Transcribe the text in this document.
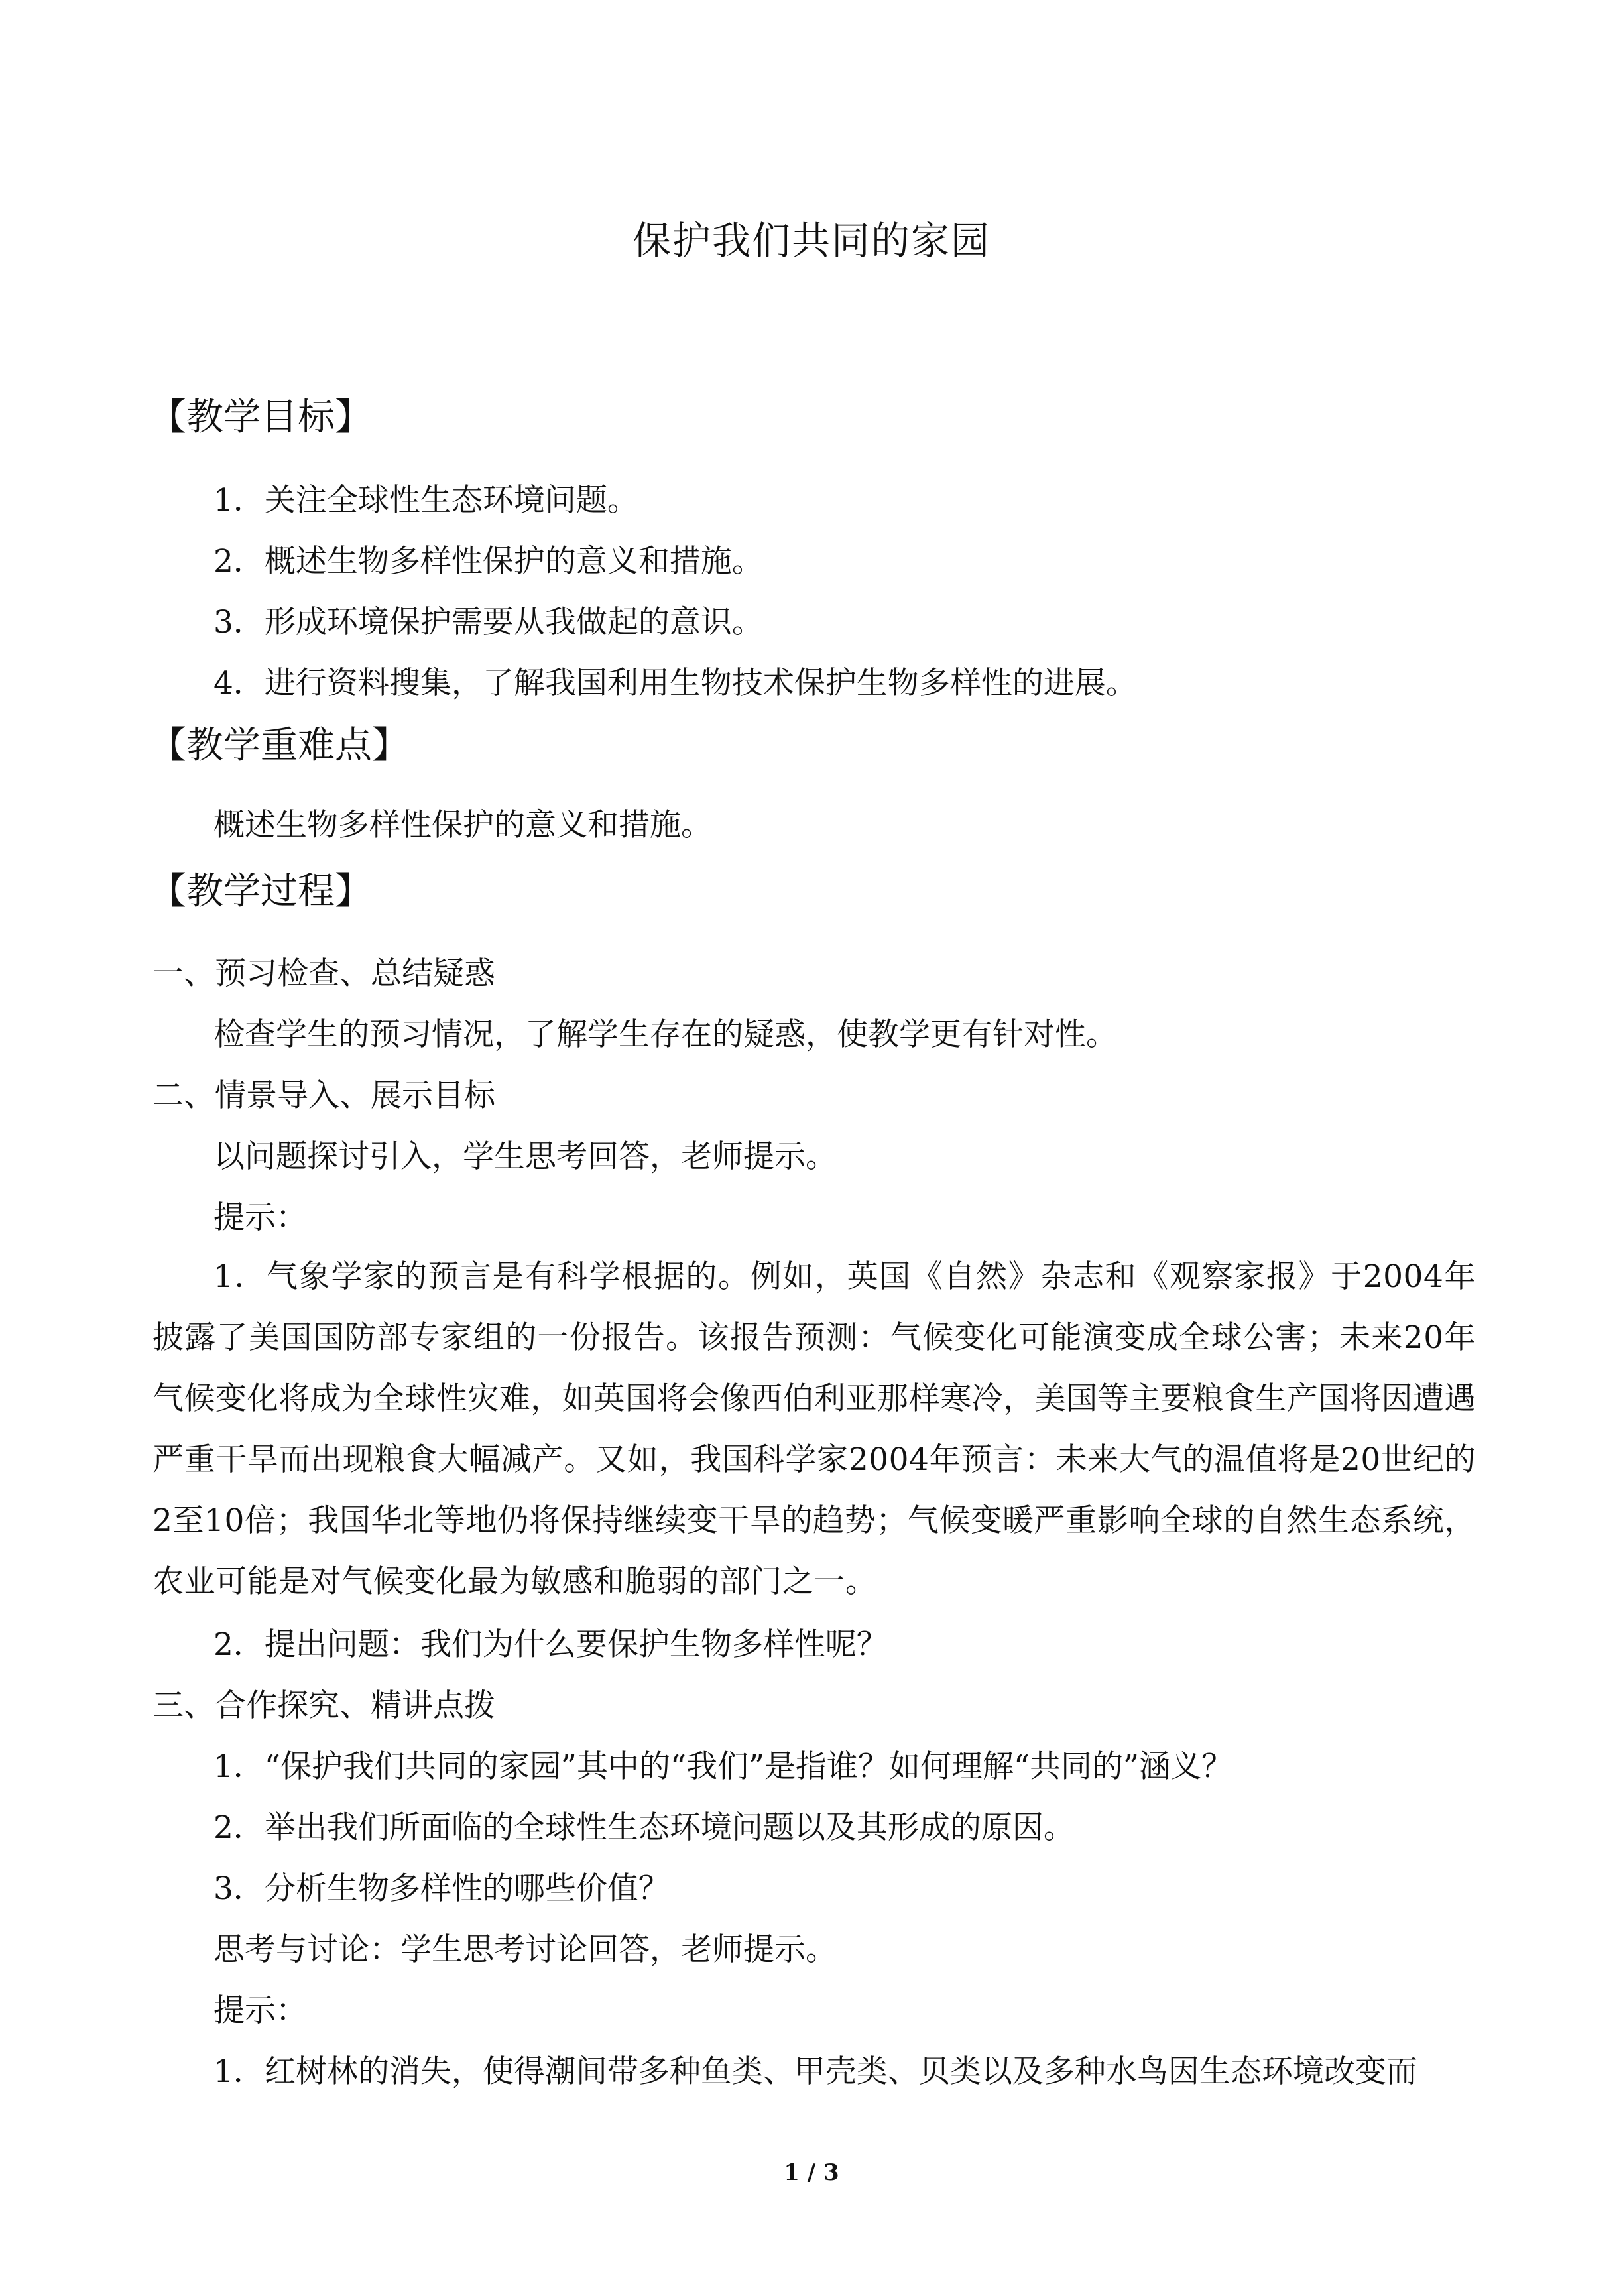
保护我们共同的家园
【教学目标】
1．关注全球性生态环境问题。
2．概述生物多样性保护的意义和措施。
3．形成环境保护需要从我做起的意识。
4．进行资料搜集，了解我国利用生物技术保护生物多样性的进展。
【教学重难点】
概述生物多样性保护的意义和措施。
【教学过程】
一、预习检查、总结疑惑
检查学生的预习情况，了解学生存在的疑惑，使教学更有针对性。
二、情景导入、展示目标
以问题探讨引入，学生思考回答，老师提示。
提示：
1．气象学家的预言是有科学根据的。例如，英国《自然》杂志和《观察家报》于2004年披露了美国国防部专家组的一份报告。该报告预测：气候变化可能演变成全球公害；未来20年气候变化将成为全球性灾难，如英国将会像西伯利亚那样寒冷，美国等主要粮食生产国将因遭遇严重干旱而出现粮食大幅减产。又如，我国科学家2004年预言：未来大气的温值将是20世纪的2至10倍；我国华北等地仍将保持继续变干旱的趋势；气候变暖严重影响全球的自然生态系统，农业可能是对气候变化最为敏感和脆弱的部门之一。
2．提出问题：我们为什么要保护生物多样性呢？
三、合作探究、精讲点拨
1．“保护我们共同的家园”其中的“我们”是指谁？如何理解“共同的”涵义？
2．举出我们所面临的全球性生态环境问题以及其形成的原因。
3．分析生物多样性的哪些价值？
思考与讨论：学生思考讨论回答，老师提示。
提示：
1．红树林的消失，使得潮间带多种鱼类、甲壳类、贝类以及多种水鸟因生态环境改变而
1 / 3
